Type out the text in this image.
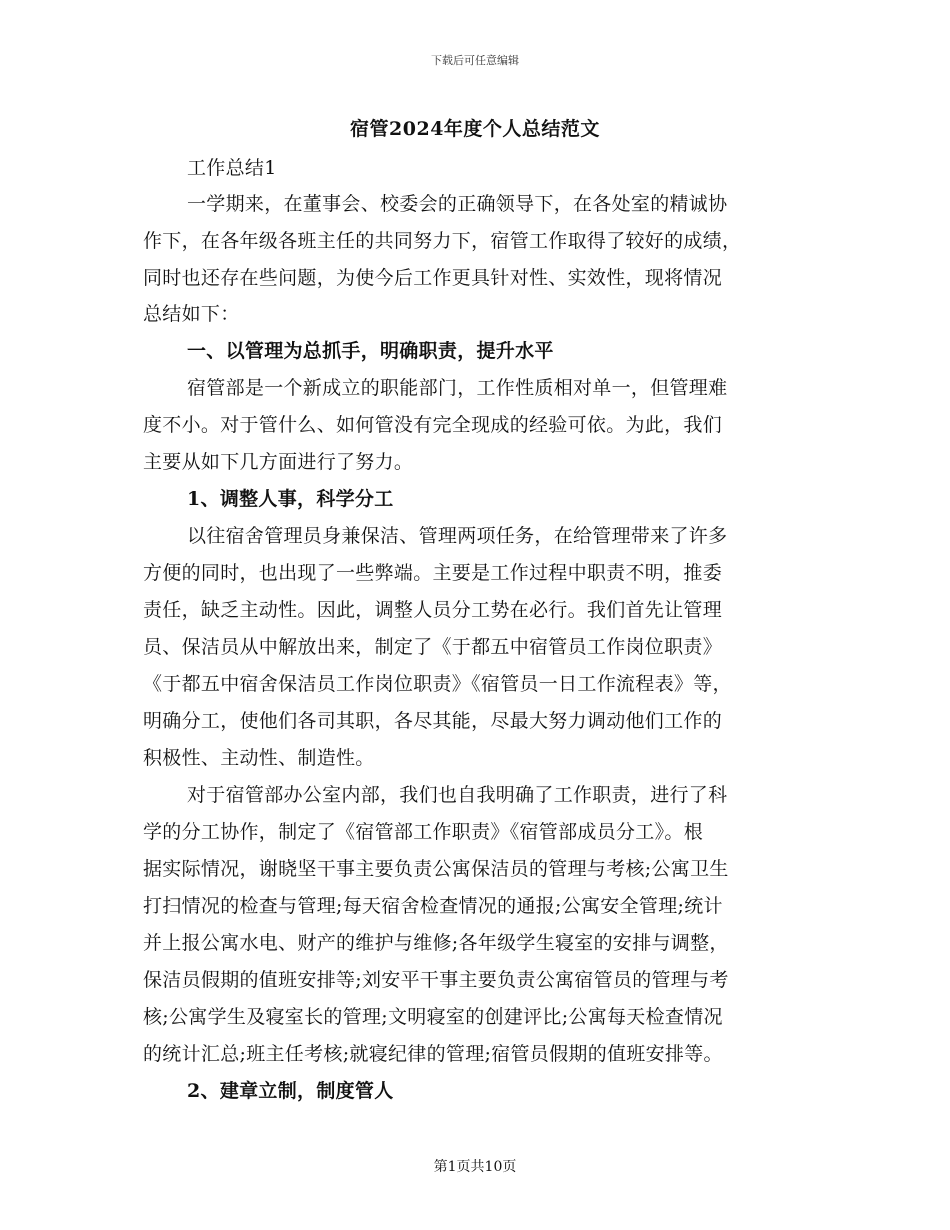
下载后可任意编辑
宿管2024年度个人总结范文
工作总结1
一学期来，在董事会、校委会的正确领导下，在各处室的精诚协
作下，在各年级各班主任的共同努力下，宿管工作取得了较好的成绩，
同时也还存在些问题，为使今后工作更具针对性、实效性，现将情况
总结如下：
一、以管理为总抓手，明确职责，提升水平
宿管部是一个新成立的职能部门，工作性质相对单一，但管理难
度不小。对于管什么、如何管没有完全现成的经验可依。为此，我们
主要从如下几方面进行了努力。
1、调整人事，科学分工
以往宿舍管理员身兼保洁、管理两项任务，在给管理带来了许多
方便的同时，也出现了一些弊端。主要是工作过程中职责不明，推委
责任，缺乏主动性。因此，调整人员分工势在必行。我们首先让管理
员、保洁员从中解放出来，制定了《于都五中宿管员工作岗位职责》
《于都五中宿舍保洁员工作岗位职责》《宿管员一日工作流程表》等，
明确分工，使他们各司其职，各尽其能，尽最大努力调动他们工作的
积极性、主动性、制造性。
对于宿管部办公室内部，我们也自我明确了工作职责，进行了科
学的分工协作，制定了《宿管部工作职责》《宿管部成员分工》。根
据实际情况，谢晓坚干事主要负责公寓保洁员的管理与考核;公寓卫生
打扫情况的检查与管理;每天宿舍检查情况的通报;公寓安全管理;统计
并上报公寓水电、财产的维护与维修;各年级学生寝室的安排与调整，
保洁员假期的值班安排等;刘安平干事主要负责公寓宿管员的管理与考
核;公寓学生及寝室长的管理;文明寝室的创建评比;公寓每天检查情况
的统计汇总;班主任考核;就寝纪律的管理;宿管员假期的值班安排等。
2、建章立制，制度管人
第1页共10页
